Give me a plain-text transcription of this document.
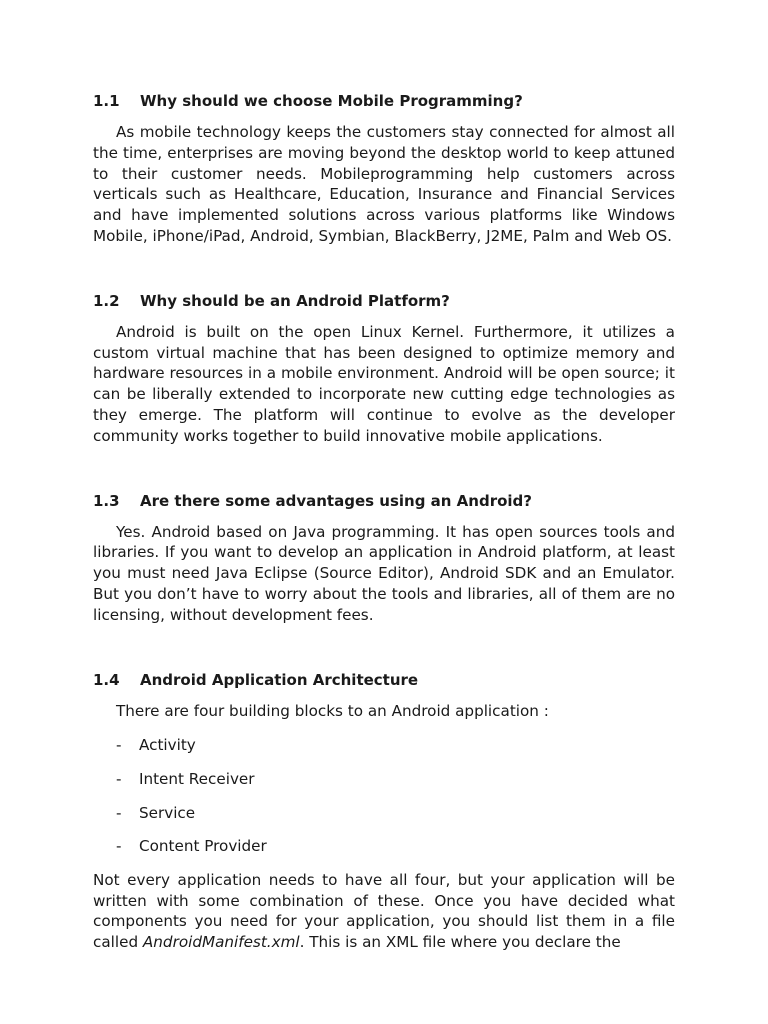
1.1	Why should we choose Mobile Programming?

As mobile technology keeps the customers stay connected for almost all the time, enterprises are moving beyond the desktop world to keep attuned to their customer needs. Mobileprogramming help customers across verticals such as Healthcare, Education, Insurance and Financial Services and have implemented solutions across various platforms like Windows Mobile, iPhone/iPad, Android, Symbian, BlackBerry, J2ME, Palm and Web OS.

1.2	Why should be an Android Platform?

Android is built on the open Linux Kernel. Furthermore, it utilizes a custom virtual machine that has been designed to optimize memory and hardware resources in a mobile environment. Android will be open source; it can be liberally extended to incorporate new cutting edge technologies as they emerge. The platform will continue to evolve as the developer community works together to build innovative mobile applications.

1.3	Are there some advantages using an Android?

Yes. Android based on Java programming. It has open sources tools and libraries. If you want to develop an application in Android platform, at least you must need Java Eclipse (Source Editor), Android SDK and an Emulator. But you don’t have to worry about the tools and libraries, all of them are no licensing, without development fees.

1.4	Android Application Architecture

There are four building blocks to an Android application :

-	Activity
-	Intent Receiver
-	Service
-	Content Provider

Not every application needs to have all four, but your application will be written with some combination of these. Once you have decided what components you need for your application, you should list them in a file called AndroidManifest.xml. This is an XML file where you declare the
